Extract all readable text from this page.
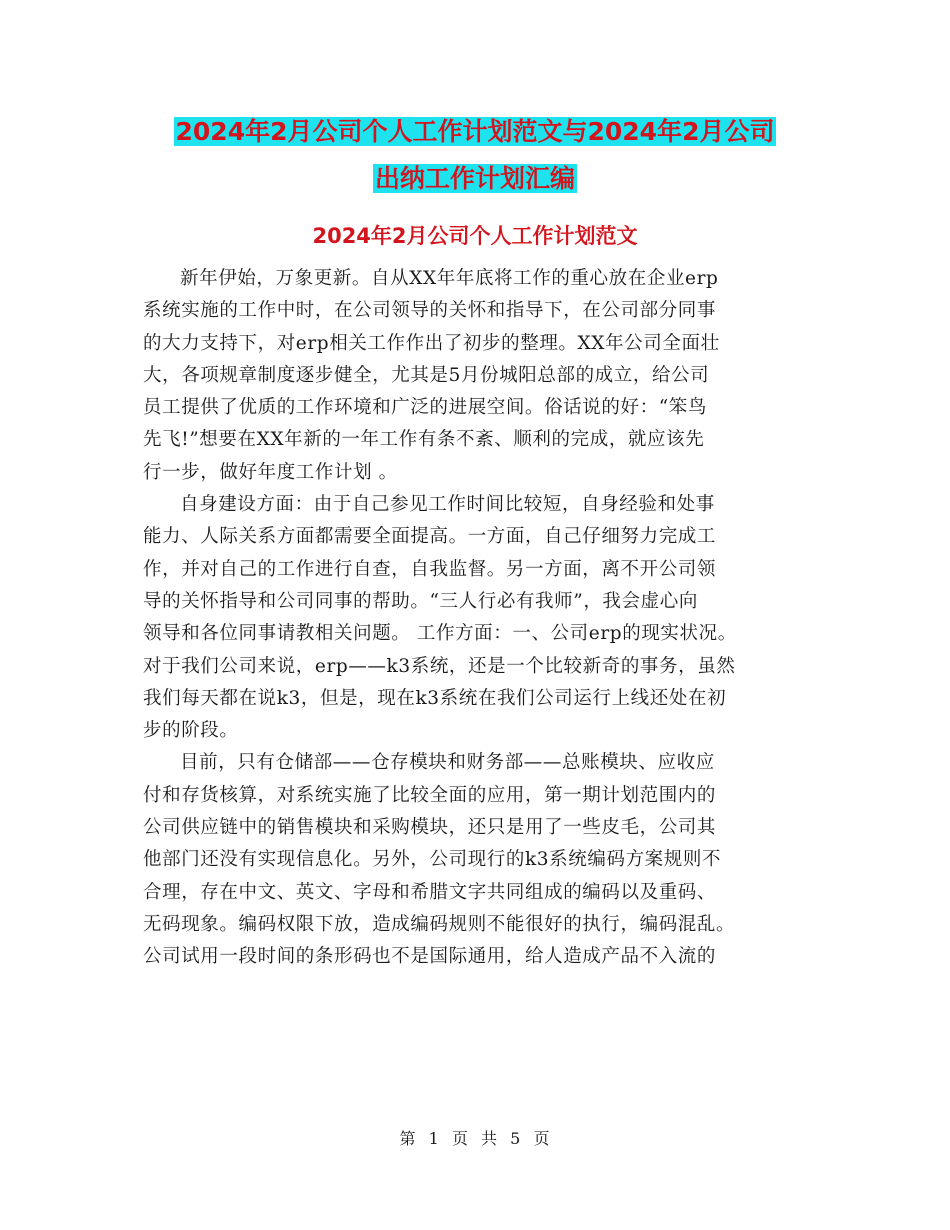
2024年2月公司个人工作计划范文与2024年2月公司
出纳工作计划汇编
2024年2月公司个人工作计划范文

新年伊始，万象更新。自从XX年年底将工作的重心放在企业erp
系统实施的工作中时，在公司领导的关怀和指导下，在公司部分同事
的大力支持下，对erp相关工作作出了初步的整理。XX年公司全面壮
大，各项规章制度逐步健全，尤其是5月份城阳总部的成立，给公司
员工提供了优质的工作环境和广泛的进展空间。俗话说的好：“笨鸟
先飞!”想要在XX年新的一年工作有条不紊、顺利的完成，就应该先
行一步，做好年度工作计划 。

自身建设方面：由于自己参见工作时间比较短，自身经验和处事
能力、人际关系方面都需要全面提高。一方面，自己仔细努力完成工
作，并对自己的工作进行自查，自我监督。另一方面，离不开公司领
导的关怀指导和公司同事的帮助。“三人行必有我师”，我会虚心向
领导和各位同事请教相关问题。 工作方面：一、公司erp的现实状况。
对于我们公司来说，erp——k3系统，还是一个比较新奇的事务，虽然
我们每天都在说k3，但是，现在k3系统在我们公司运行上线还处在初
步的阶段。

目前，只有仓储部——仓存模块和财务部——总账模块、应收应
付和存货核算，对系统实施了比较全面的应用，第一期计划范围内的
公司供应链中的销售模块和采购模块，还只是用了一些皮毛，公司其
他部门还没有实现信息化。另外，公司现行的k3系统编码方案规则不
合理，存在中文、英文、字母和希腊文字共同组成的编码以及重码、
无码现象。编码权限下放，造成编码规则不能很好的执行，编码混乱。
公司试用一段时间的条形码也不是国际通用，给人造成产品不入流的

第 1 页 共 5 页
